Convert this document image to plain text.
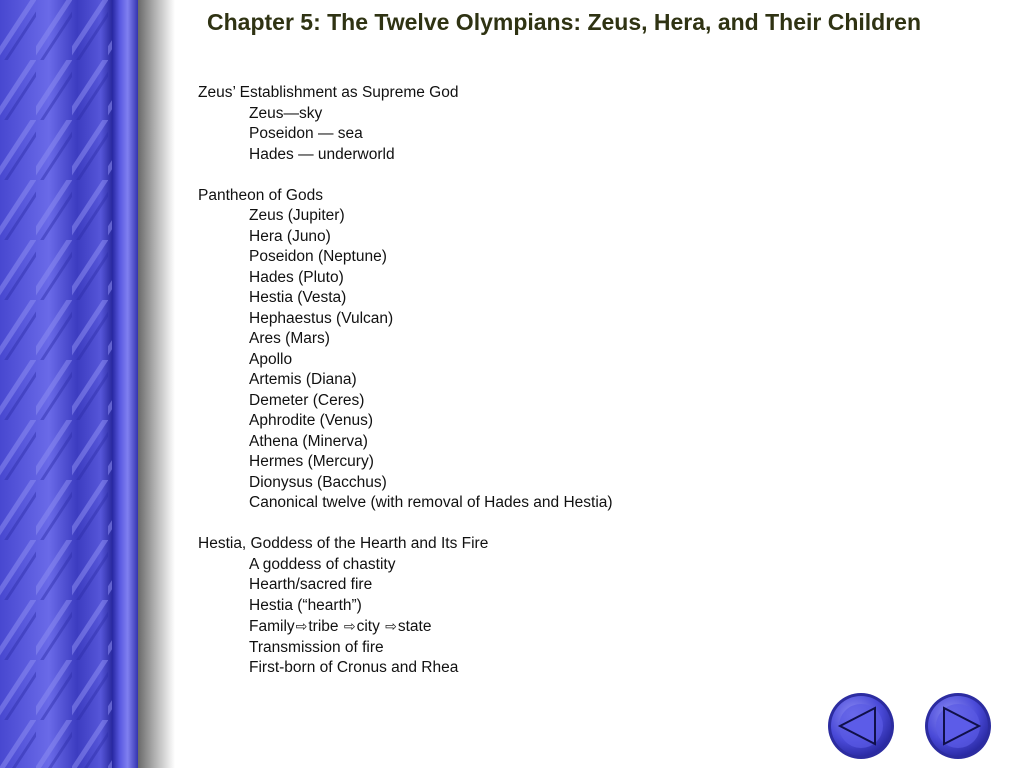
Chapter 5: The Twelve Olympians: Zeus, Hera, and Their Children
Zeus’ Establishment as Supreme God
Zeus—sky
Poseidon — sea
Hades — underworld
Pantheon of Gods
Zeus (Jupiter)
Hera (Juno)
Poseidon (Neptune)
Hades (Pluto)
Hestia (Vesta)
Hephaestus (Vulcan)
Ares (Mars)
Apollo
Artemis (Diana)
Demeter (Ceres)
Aphrodite (Venus)
Athena (Minerva)
Hermes (Mercury)
Dionysus (Bacchus)
Canonical twelve (with removal of Hades and Hestia)
Hestia, Goddess of the Hearth and Its Fire
A goddess of chastity
Hearth/sacred fire
Hestia (“hearth”)
Family⇨tribe ⇨city ⇨state
Transmission of fire
First-born of Cronus and Rhea
